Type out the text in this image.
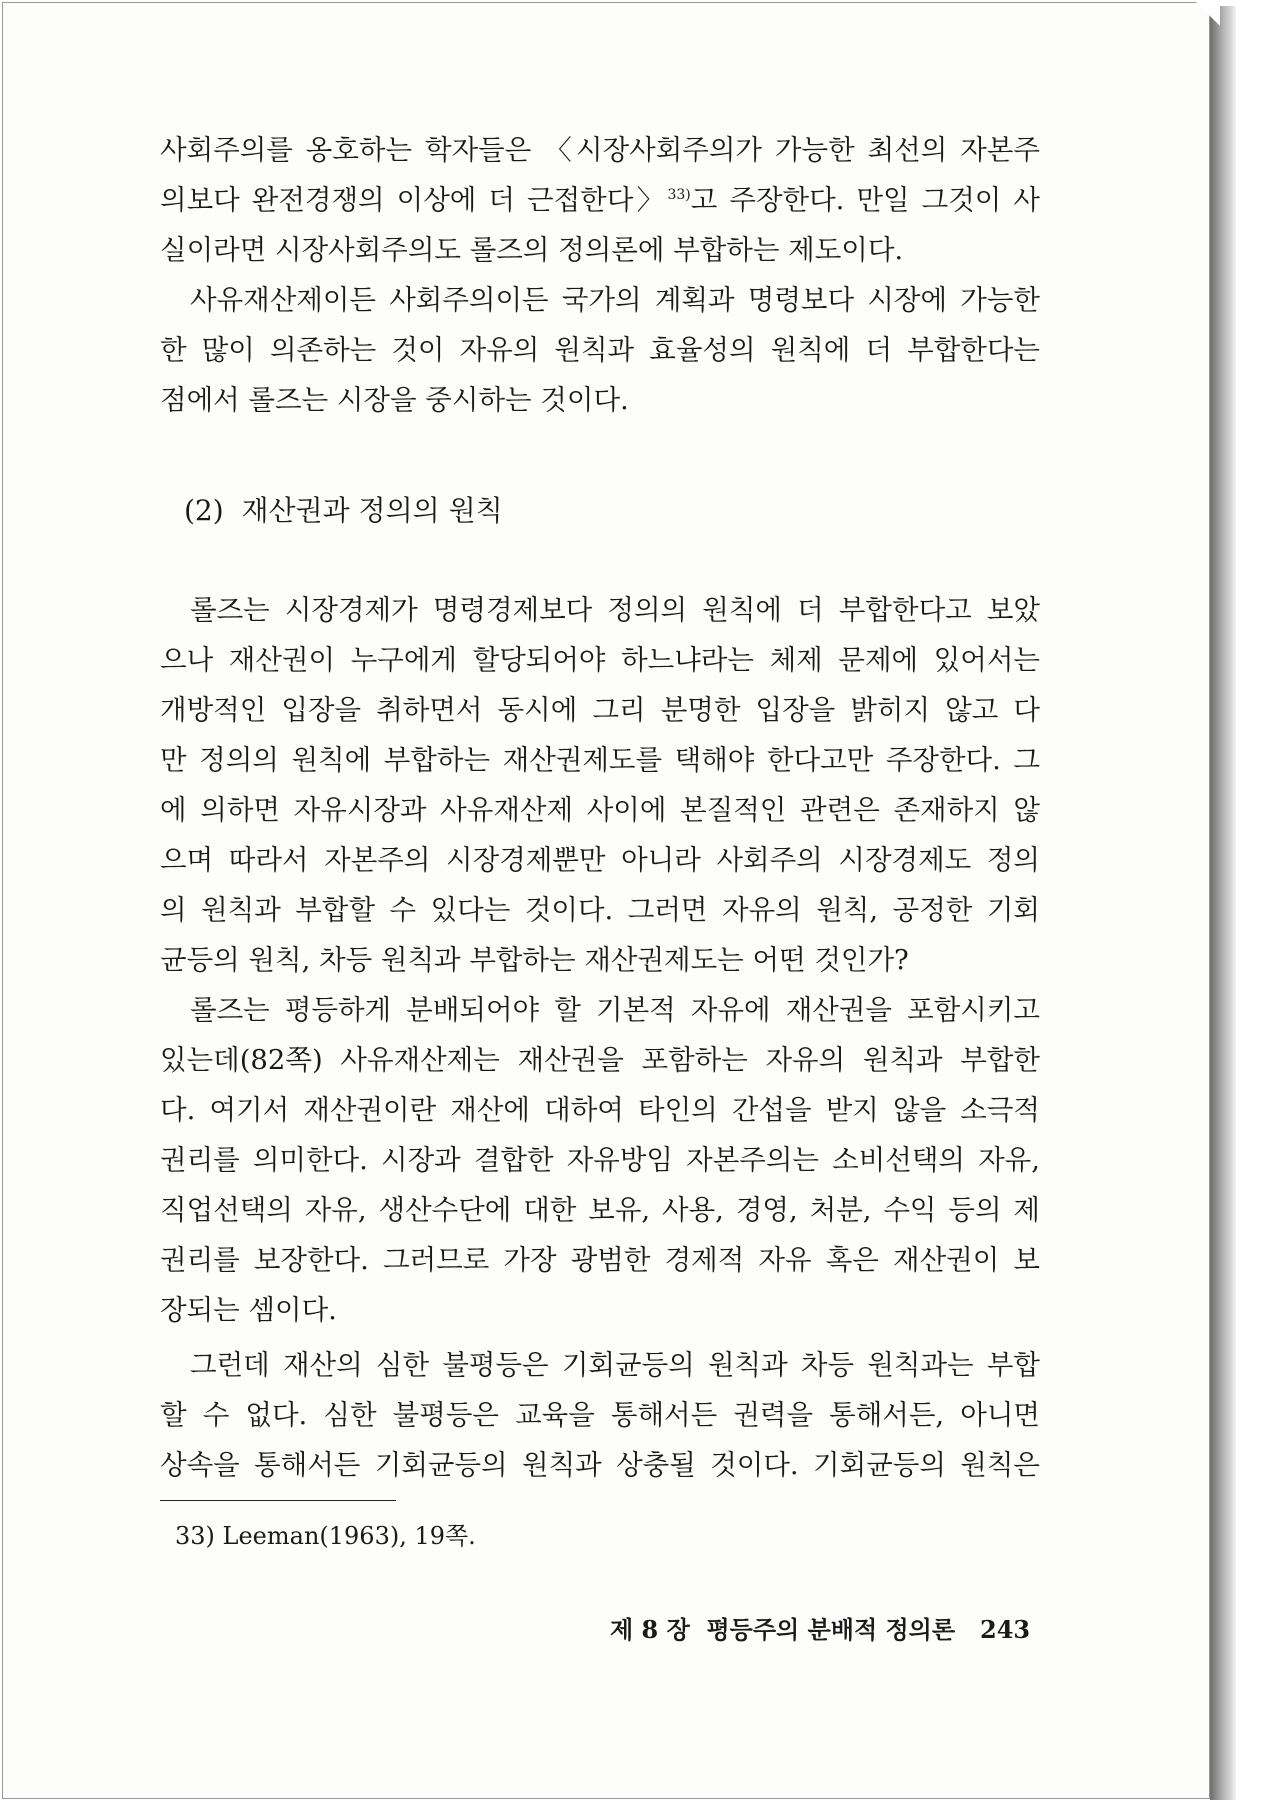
사회주의를 옹호하는 학자들은 〈시장사회주의가 가능한 최선의 자본주
의보다 완전경쟁의 이상에 더 근접한다〉$^{33)}$고 주장한다. 만일 그것이 사
실이라면 시장사회주의도 롤즈의 정의론에 부합하는 제도이다.
사유재산제이든 사회주의이든 국가의 계획과 명령보다 시장에 가능한
한 많이 의존하는 것이 자유의 원칙과 효율성의 원칙에 더 부합한다는
점에서 롤즈는 시장을 중시하는 것이다.
(2)  재산권과 정의의 원칙
롤즈는 시장경제가 명령경제보다 정의의 원칙에 더 부합한다고 보았
으나 재산권이 누구에게 할당되어야 하느냐라는 체제 문제에 있어서는
개방적인 입장을 취하면서 동시에 그리 분명한 입장을 밝히지 않고 다
만 정의의 원칙에 부합하는 재산권제도를 택해야 한다고만 주장한다. 그
에 의하면 자유시장과 사유재산제 사이에 본질적인 관련은 존재하지 않
으며 따라서 자본주의 시장경제뿐만 아니라 사회주의 시장경제도 정의
의 원칙과 부합할 수 있다는 것이다. 그러면 자유의 원칙, 공정한 기회
균등의 원칙, 차등 원칙과 부합하는 재산권제도는 어떤 것인가?
롤즈는 평등하게 분배되어야 할 기본적 자유에 재산권을 포함시키고
있는데(82쪽) 사유재산제는 재산권을 포함하는 자유의 원칙과 부합한
다. 여기서 재산권이란 재산에 대하여 타인의 간섭을 받지 않을 소극적
권리를 의미한다. 시장과 결합한 자유방임 자본주의는 소비선택의 자유,
직업선택의 자유, 생산수단에 대한 보유, 사용, 경영, 처분, 수익 등의 제
권리를 보장한다. 그러므로 가장 광범한 경제적 자유 혹은 재산권이 보
장되는 셈이다.
그런데 재산의 심한 불평등은 기회균등의 원칙과 차등 원칙과는 부합
할 수 없다. 심한 불평등은 교육을 통해서든 권력을 통해서든, 아니면
상속을 통해서든 기회균등의 원칙과 상충될 것이다. 기회균등의 원칙은
33) Leeman(1963), 19쪽.
제 8 장  평등주의 분배적 정의론 243
